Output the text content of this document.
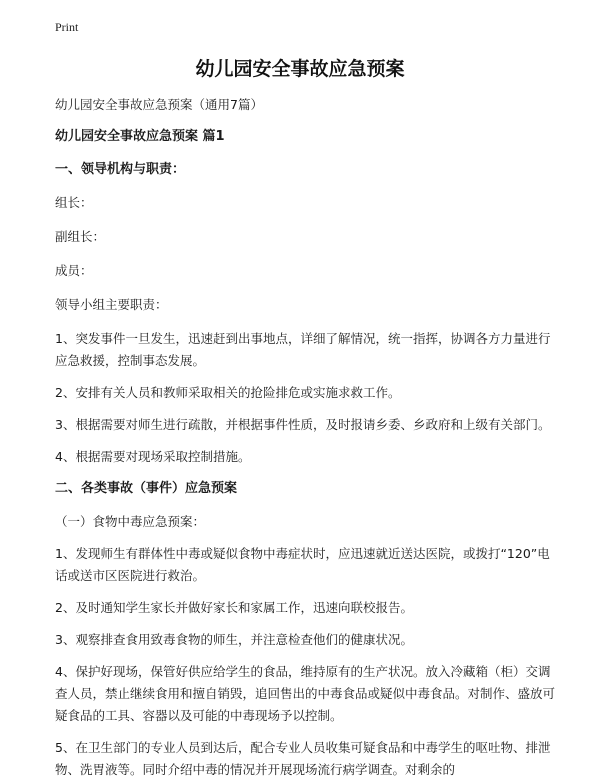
Print
幼儿园安全事故应急预案

幼儿园安全事故应急预案（通用7篇）

幼儿园安全事故应急预案 篇1

一、领导机构与职责：

组长：

副组长：

成员：

领导小组主要职责：

1、突发事件一旦发生，迅速赶到出事地点，详细了解情况，统一指挥，协调各方力量进行应急救援，控制事态发展。

2、安排有关人员和教师采取相关的抢险排危或实施求救工作。

3、根据需要对师生进行疏散，并根据事件性质，及时报请乡委、乡政府和上级有关部门。

4、根据需要对现场采取控制措施。

二、各类事故（事件）应急预案

（一）食物中毒应急预案：

1、发现师生有群体性中毒或疑似食物中毒症状时，应迅速就近送达医院，或拨打“120”电话或送市区医院进行救治。

2、及时通知学生家长并做好家长和家属工作，迅速向联校报告。

3、观察排查食用致毒食物的师生，并注意检查他们的健康状况。

4、保护好现场，保管好供应给学生的食品，维持原有的生产状况。放入冷藏箱（柜）交调查人员，禁止继续食用和擅自销毁，追回售出的中毒食品或疑似中毒食品。对制作、盛放可疑食品的工具、容器以及可能的中毒现场予以控制。

5、在卫生部门的专业人员到达后，配合专业人员收集可疑食品和中毒学生的呕吐物、排泄物、洗胃液等。同时介绍中毒的情况并开展现场流行病学调查。对剩余的
